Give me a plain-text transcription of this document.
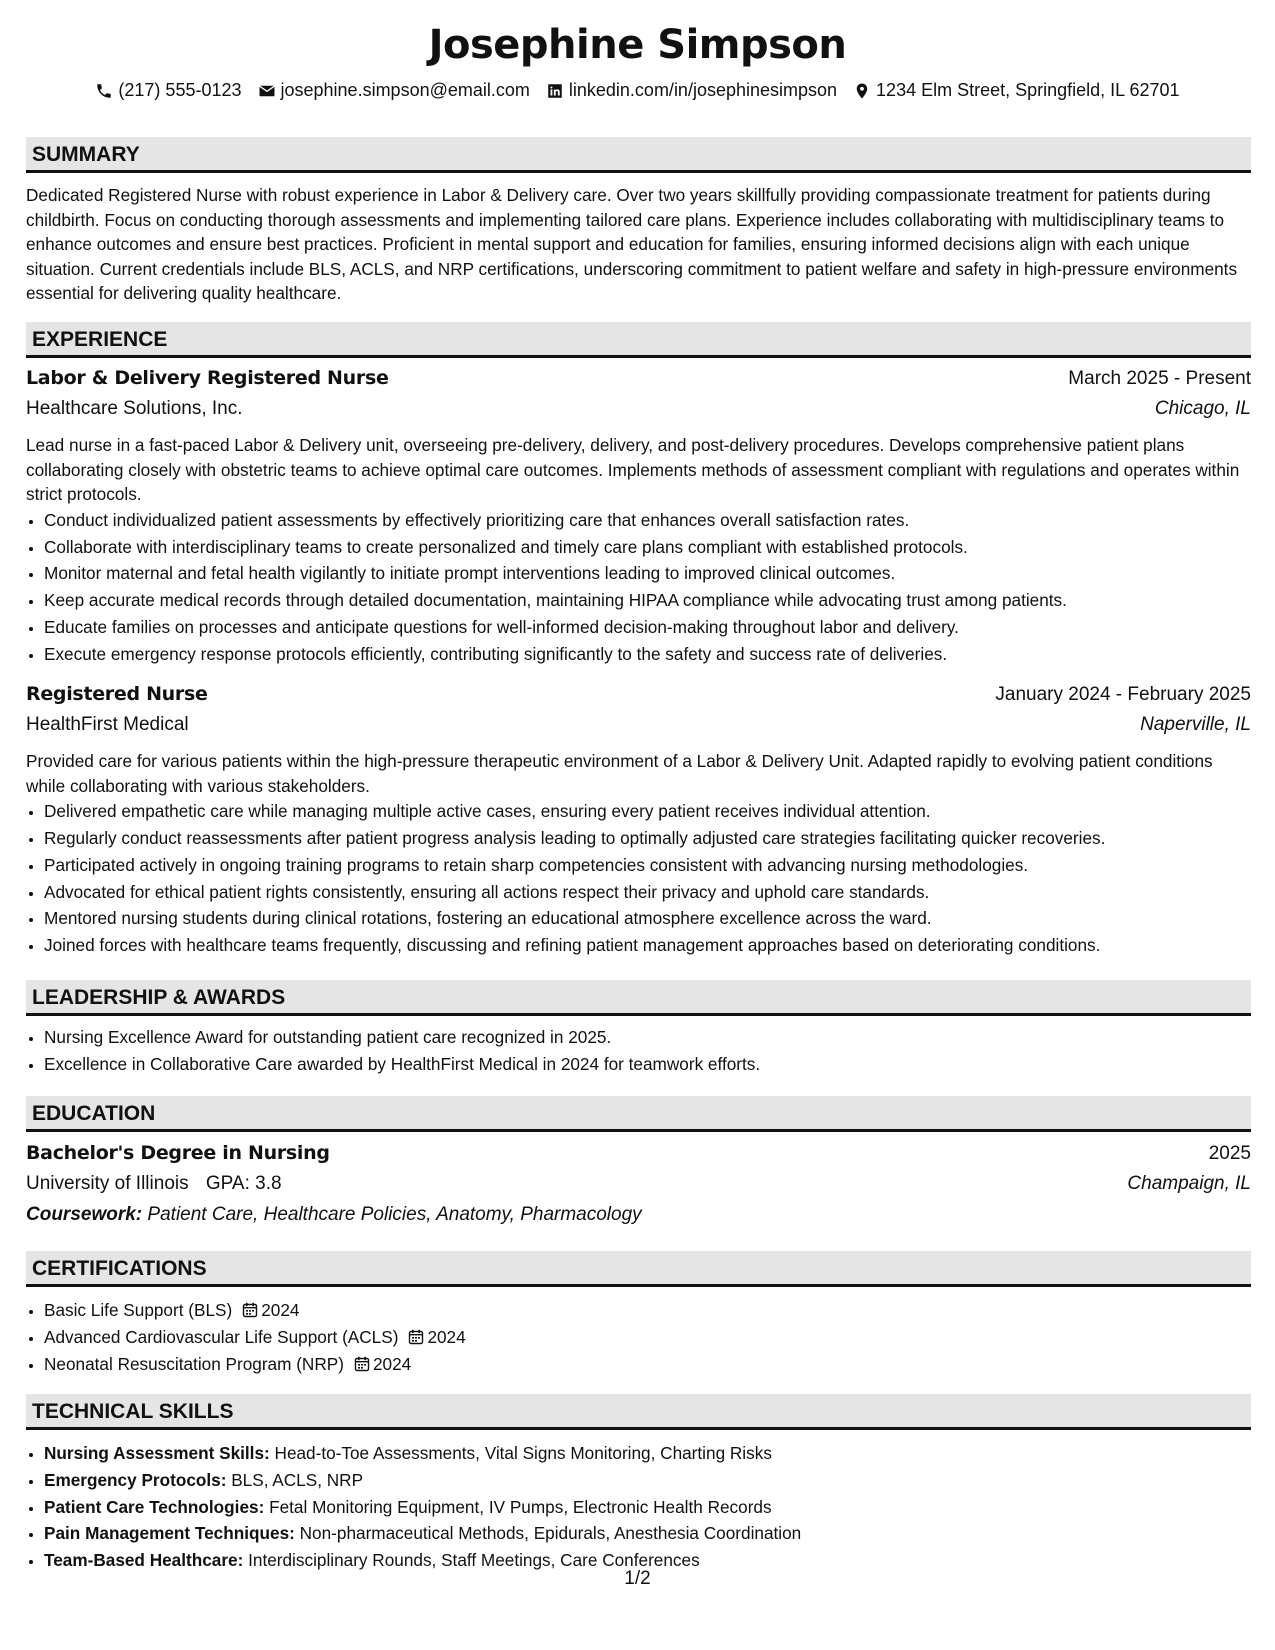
Josephine Simpson
(217) 555-0123 josephine.simpson@email.com linkedin.com/in/josephinesimpson 1234 Elm Street, Springfield, IL 62701
SUMMARY

Dedicated Registered Nurse with robust experience in Labor & Delivery care. Over two years skillfully providing compassionate treatment for patients during childbirth. Focus on conducting thorough assessments and implementing tailored care plans. Experience includes collaborating with multidisciplinary teams to enhance outcomes and ensure best practices. Proficient in mental support and education for families, ensuring informed decisions align with each unique situation. Current credentials include BLS, ACLS, and NRP certifications, underscoring commitment to patient welfare and safety in high-pressure environments essential for delivering quality healthcare.

EXPERIENCE
Labor & Delivery Registered Nurse	March 2025 - Present
Healthcare Solutions, Inc.	Chicago, IL

Lead nurse in a fast-paced Labor & Delivery unit, overseeing pre-delivery, delivery, and post-delivery procedures. Develops comprehensive patient plans collaborating closely with obstetric teams to achieve optimal care outcomes. Implements methods of assessment compliant with regulations and operates within strict protocols.

• Conduct individualized patient assessments by effectively prioritizing care that enhances overall satisfaction rates.
• Collaborate with interdisciplinary teams to create personalized and timely care plans compliant with established protocols.
• Monitor maternal and fetal health vigilantly to initiate prompt interventions leading to improved clinical outcomes.
• Keep accurate medical records through detailed documentation, maintaining HIPAA compliance while advocating trust among patients.
• Educate families on processes and anticipate questions for well-informed decision-making throughout labor and delivery.
• Execute emergency response protocols efficiently, contributing significantly to the safety and success rate of deliveries.
Registered Nurse	January 2024 - February 2025
HealthFirst Medical	Naperville, IL

Provided care for various patients within the high-pressure therapeutic environment of a Labor & Delivery Unit. Adapted rapidly to evolving patient conditions while collaborating with various stakeholders.

• Delivered empathetic care while managing multiple active cases, ensuring every patient receives individual attention.
• Regularly conduct reassessments after patient progress analysis leading to optimally adjusted care strategies facilitating quicker recoveries.
• Participated actively in ongoing training programs to retain sharp competencies consistent with advancing nursing methodologies.
• Advocated for ethical patient rights consistently, ensuring all actions respect their privacy and uphold care standards.
• Mentored nursing students during clinical rotations, fostering an educational atmosphere excellence across the ward.
• Joined forces with healthcare teams frequently, discussing and refining patient management approaches based on deteriorating conditions.
LEADERSHIP & AWARDS
• Nursing Excellence Award for outstanding patient care recognized in 2025.
• Excellence in Collaborative Care awarded by HealthFirst Medical in 2024 for teamwork efforts.
EDUCATION
Bachelor's Degree in Nursing	2025
University of Illinois GPA: 3.8	Champaign, IL
Coursework: Patient Care, Healthcare Policies, Anatomy, Pharmacology
CERTIFICATIONS
• Basic Life Support (BLS) 2024
• Advanced Cardiovascular Life Support (ACLS) 2024
• Neonatal Resuscitation Program (NRP) 2024
TECHNICAL SKILLS
• Nursing Assessment Skills: Head-to-Toe Assessments, Vital Signs Monitoring, Charting Risks
• Emergency Protocols: BLS, ACLS, NRP
• Patient Care Technologies: Fetal Monitoring Equipment, IV Pumps, Electronic Health Records
• Pain Management Techniques: Non-pharmaceutical Methods, Epidurals, Anesthesia Coordination
• Team-Based Healthcare: Interdisciplinary Rounds, Staff Meetings, Care Conferences
1/2
